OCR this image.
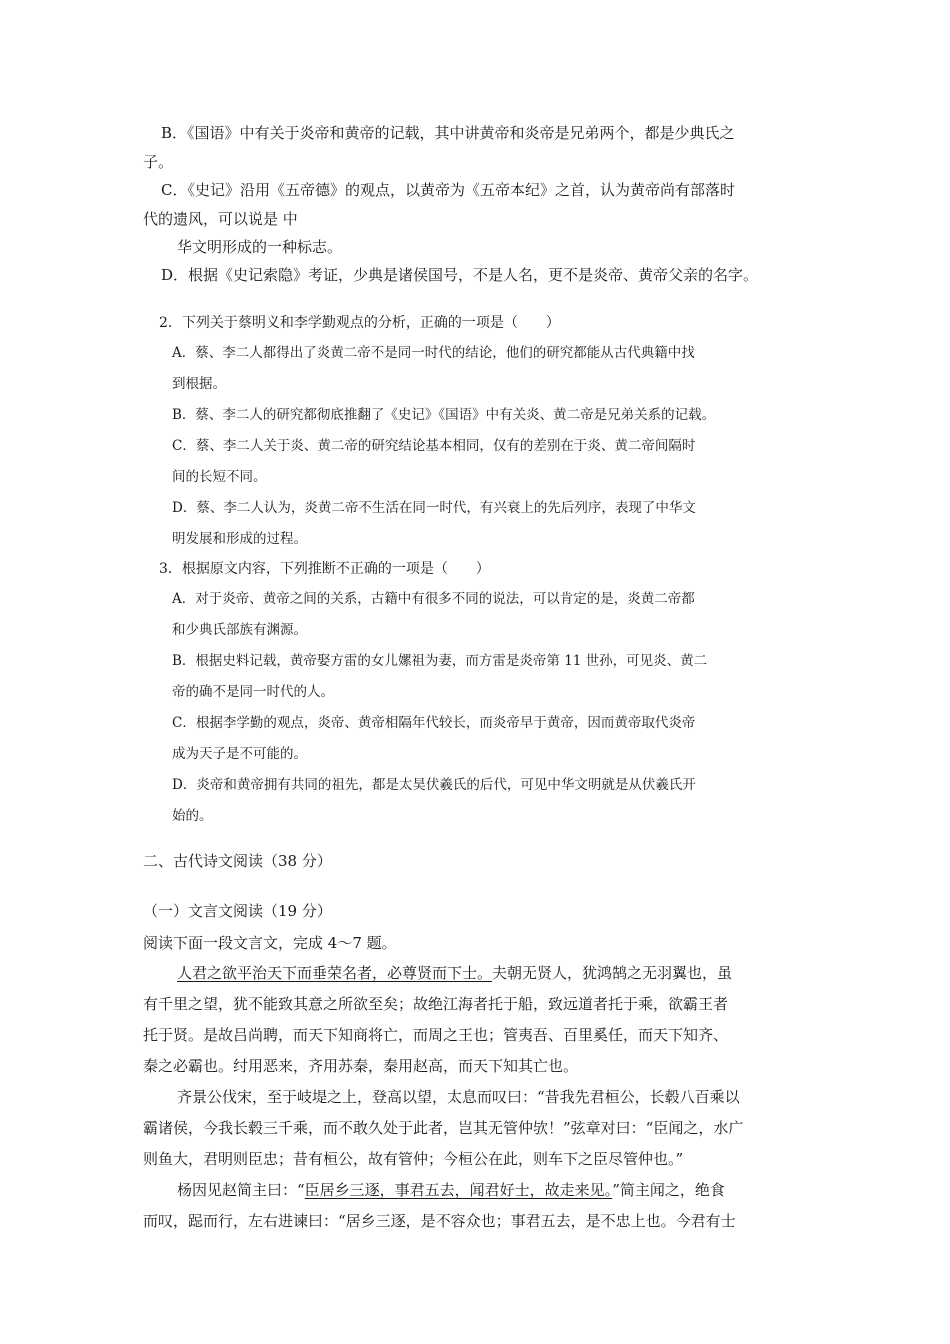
B．《国语》中有关于炎帝和黄帝的记载，其中讲黄帝和炎帝是兄弟两个，都是少典氏之
子。
C．《史记》沿用《五帝德》的观点，以黄帝为《五帝本纪》之首，认为黄帝尚有部落时
代的遗风，可以说是 中
华文明形成的一种标志。
D．根据《史记索隐》考证，少典是诸侯国号，不是人名，更不是炎帝、黄帝父亲的名字。
2．下列关于蔡明义和李学勤观点的分析，正确的一项是（　　）
A．蔡、李二人都得出了炎黄二帝不是同一时代的结论，他们的研究都能从古代典籍中找
到根据。
B．蔡、李二人的研究都彻底推翻了《史记》《国语》中有关炎、黄二帝是兄弟关系的记载。
C．蔡、李二人关于炎、黄二帝的研究结论基本相同，仅有的差别在于炎、黄二帝间隔时
间的长短不同。
D．蔡、李二人认为，炎黄二帝不生活在同一时代，有兴衰上的先后列序，表现了中华文
明发展和形成的过程。
3．根据原文内容，下列推断不正确的一项是（　　）
A．对于炎帝、黄帝之间的关系，古籍中有很多不同的说法，可以肯定的是，炎黄二帝都
和少典氏部族有渊源。
B．根据史料记载，黄帝娶方雷的女儿嫘祖为妻，而方雷是炎帝第 11 世孙，可见炎、黄二
帝的确不是同一时代的人。
C．根据李学勤的观点，炎帝、黄帝相隔年代较长，而炎帝早于黄帝，因而黄帝取代炎帝
成为天子是不可能的。
D．炎帝和黄帝拥有共同的祖先，都是太昊伏羲氏的后代，可见中华文明就是从伏羲氏开
始的。
二、古代诗文阅读（38 分）
（一）文言文阅读（19 分）
阅读下面一段文言文，完成 4～7 题。
人君之欲平治天下而垂荣名者，必尊贤而下士。夫朝无贤人，犹鸿鹄之无羽翼也，虽
有千里之望，犹不能致其意之所欲至矣；故绝江海者托于船，致远道者托于乘，欲霸王者
托于贤。是故吕尚聘，而天下知商将亡，而周之王也；管夷吾、百里奚任，而天下知齐、
秦之必霸也。纣用恶来，齐用苏秦，秦用赵高，而天下知其亡也。
齐景公伐宋，至于岐堤之上，登高以望，太息而叹曰：“昔我先君桓公，长毂八百乘以
霸诸侯，今我长毂三千乘，而不敢久处于此者，岂其无管仲欤！”弦章对曰：“臣闻之，水广
则鱼大，君明则臣忠；昔有桓公，故有管仲；今桓公在此，则车下之臣尽管仲也。”
杨因见赵简主曰：“臣居乡三逐，事君五去，闻君好士，故走来见。”简主闻之，绝食
而叹，跽而行，左右进谏曰：“居乡三逐，是不容众也；事君五去，是不忠上也。今君有士
